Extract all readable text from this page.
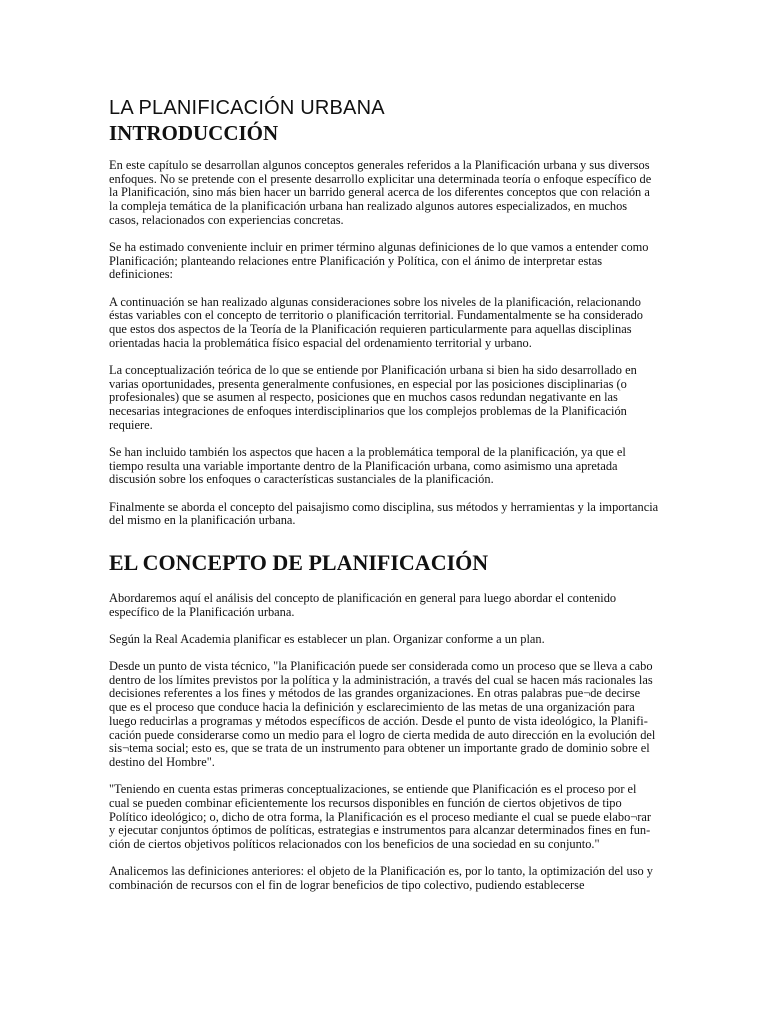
LA PLANIFICACIÓN URBANA
INTRODUCCIÓN

En este capítulo se desarrollan algunos conceptos generales referidos a la Planificación urbana y sus diversos enfoques. No se pretende con el presente desarrollo explicitar una determinada teoría o enfoque específico de la Planificación, sino más bien hacer un barrido general acerca de los diferentes conceptos que con relación a la compleja temática de la planificación urbana han realizado algunos autores especializados, en muchos casos, relacionados con experiencias concretas.

Se ha estimado conveniente incluir en primer término algunas definiciones de lo que vamos a entender como Planificación; planteando relaciones entre Planificación y Política, con el ánimo de interpretar estas definiciones:

A continuación se han realizado algunas consideraciones sobre los niveles de la planificación, relacionando éstas variables con el concepto de territorio o planificación territorial. Fundamentalmente se ha considerado que estos dos aspectos de la Teoría de la Planificación requieren particularmente para aquellas disciplinas orientadas hacia la problemática físico espacial del ordenamiento territorial y urbano.

La conceptualización teórica de lo que se entiende por Planificación urbana si bien ha sido desarrollado en varias oportunidades, presenta generalmente confusiones, en especial por las posiciones disciplinarias (o profesionales) que se asumen al respecto, posiciones que en muchos casos redundan negativante en las necesarias integraciones de enfoques interdisciplinarios que los complejos problemas de la Planificación requiere.

Se han incluido también los aspectos que hacen a la problemática temporal de la planificación, ya que el tiempo resulta una variable importante dentro de la Planificación urbana, como asimismo una apretada discusión sobre los enfoques o características sustanciales de la planificación.

Finalmente se aborda el concepto del paisajismo como disciplina, sus métodos y herramientas y la importancia del mismo en la planificación urbana.

EL CONCEPTO DE PLANIFICACIÓN

Abordaremos aquí el análisis del concepto de planificación en general para luego abordar el contenido específico de la Planificación urbana.

Según la Real Academia planificar es establecer un plan. Organizar conforme a un plan.

Desde un punto de vista técnico, "la Planificación puede ser considerada como un proceso que se lleva a cabo dentro de los límites previstos por la política y la administración, a través del cual se hacen más racionales las decisiones referentes a los fines y métodos de las grandes organizaciones. En otras palabras pue¬de decirse que es el proceso que conduce hacia la definición y esclarecimiento de las metas de una organización para luego reducirlas a programas y métodos específicos de acción. Desde el punto de vista ideológico, la Planifi-cación puede considerarse como un medio para el logro de cierta medida de auto dirección en la evolución del sis¬tema social; esto es, que se trata de un instrumento para obtener un importante grado de dominio sobre el destino del Hombre".

"Teniendo en cuenta estas primeras conceptualizaciones, se entiende que Planificación es el proceso por el cual se pueden combinar eficientemente los recursos disponibles en función de ciertos objetivos de tipo Político ideológico; o, dicho de otra forma, la Planificación es el proceso mediante el cual se puede elabo¬rar y ejecutar conjuntos óptimos de políticas, estrategias e instrumentos para alcanzar determinados fines en fun-ción de ciertos objetivos políticos relacionados con los beneficios de una sociedad en su conjunto."

Analicemos las definiciones anteriores: el objeto de la Planificación es, por lo tanto, la optimización del uso y combinación de recursos con el fin de lograr beneficios de tipo colectivo, pudiendo establecerse
